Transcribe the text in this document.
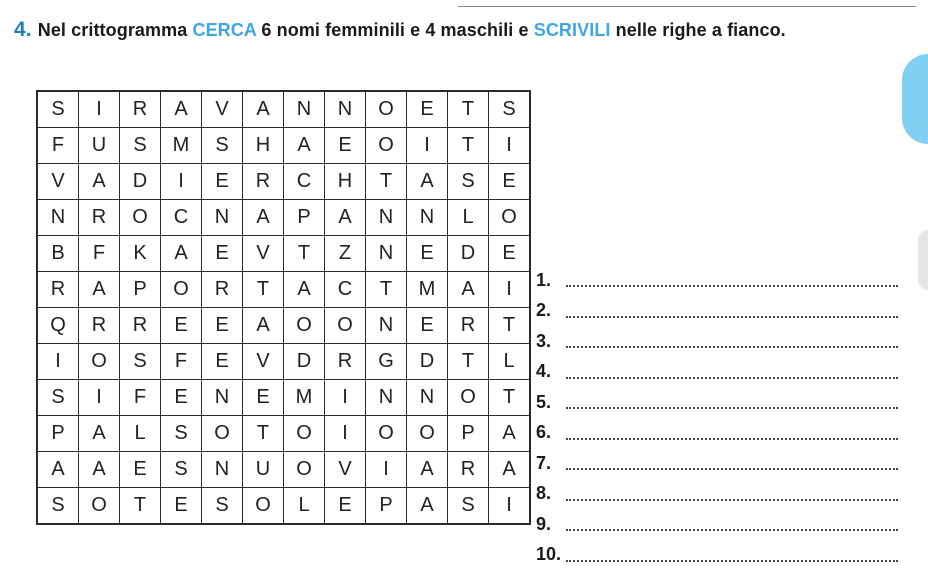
4. Nel crittogramma CERCA 6 nomi femminili e 4 maschili e SCRIVILI nelle righe a fianco.
S	I	R	A	V	A	N	N	O	E	T	S
F	U	S	M	S	H	A	E	O	I	T	I
V	A	D	I	E	R	C	H	T	A	S	E
N	R	O	C	N	A	P	A	N	N	L	O
B	F	K	A	E	V	T	Z	N	E	D	E
R	A	P	O	R	T	A	C	T	M	A	I
Q	R	R	E	E	A	O	O	N	E	R	T
I	O	S	F	E	V	D	R	G	D	T	L
S	I	F	E	N	E	M	I	N	N	O	T
P	A	L	S	O	T	O	I	O	O	P	A
A	A	E	S	N	U	O	V	I	A	R	A
S	O	T	E	S	O	L	E	P	A	S	I
1.
2.
3.
4.
5.
6.
7.
8.
9.
10.
